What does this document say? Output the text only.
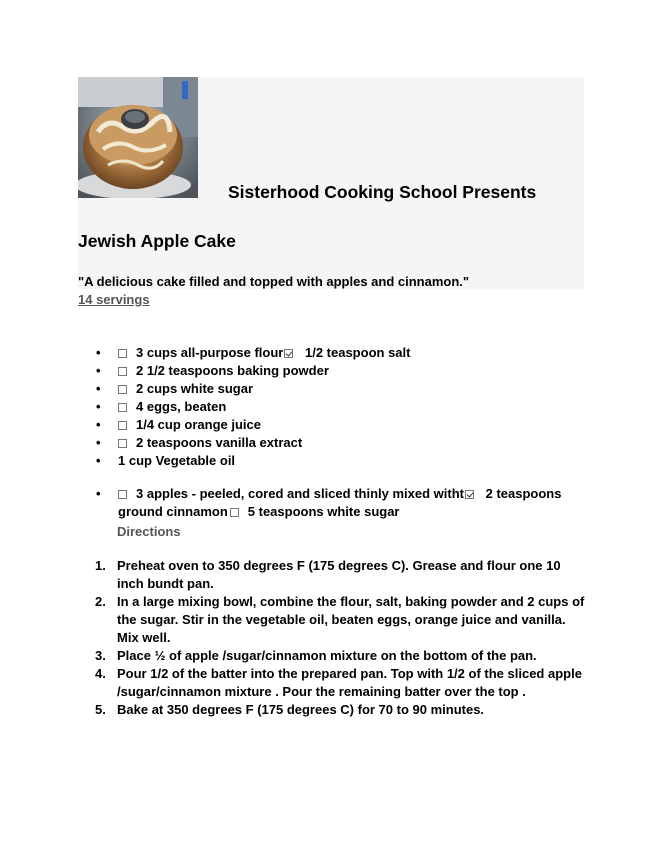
Sisterhood Cooking School Presents
Jewish Apple Cake
"A delicious cake filled and topped with apples and cinnamon."
14 servings
• 3 cups all-purpose flour 1/2 teaspoon salt
• 2 1/2 teaspoons baking powder
• 2 cups white sugar
• 4 eggs, beaten
• 1/4 cup orange juice
• 2 teaspoons vanilla extract
• 1 cup Vegetable oil
• 3 apples - peeled, cored and sliced thinly mixed witht 2 teaspoons ground cinnamon 5 teaspoons white sugar
Directions
1. Preheat oven to 350 degrees F (175 degrees C). Grease and flour one 10 inch bundt pan.
2. In a large mixing bowl, combine the flour, salt, baking powder and 2 cups of the sugar. Stir in the vegetable oil, beaten eggs, orange juice and vanilla. Mix well.
3. Place ½ of apple /sugar/cinnamon mixture on the bottom of the pan.
4. Pour 1/2 of the batter into the prepared pan. Top with 1/2 of the sliced apple /sugar/cinnamon mixture . Pour the remaining batter over the top .
5. Bake at 350 degrees F (175 degrees C) for 70 to 90 minutes.
